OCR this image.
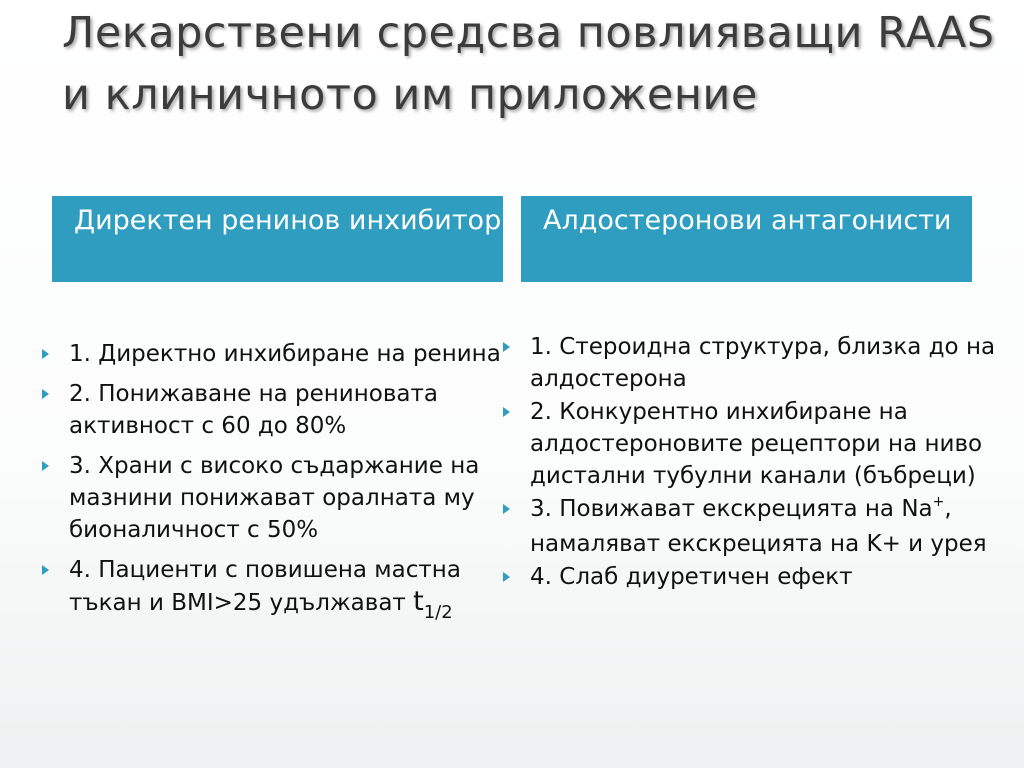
Лекарствени средсва повлияващи RAAS и клиничното им приложение
Директен ренинов инхибитор	Алдостеронови антагонисти
1. Директно инхибиране на ренина
2. Понижаване на рениновата активност с 60 до 80%
3. Храни с високо съдаржание на мазнини понижават оралната му бионаличност с 50%
4. Пациенти с повишена мастна тъкан и BMI>25 удължават $t_{1/2}$
1. Стероидна структура, близка до на алдостерона
2. Конкурентно инхибиране на алдостероновите рецептори на ниво дистални тубулни канали (бъбреци)
3. Повижават екскрецията на Na+, намаляват екскрецията на K+ и урея
4. Слаб диуретичен ефект
